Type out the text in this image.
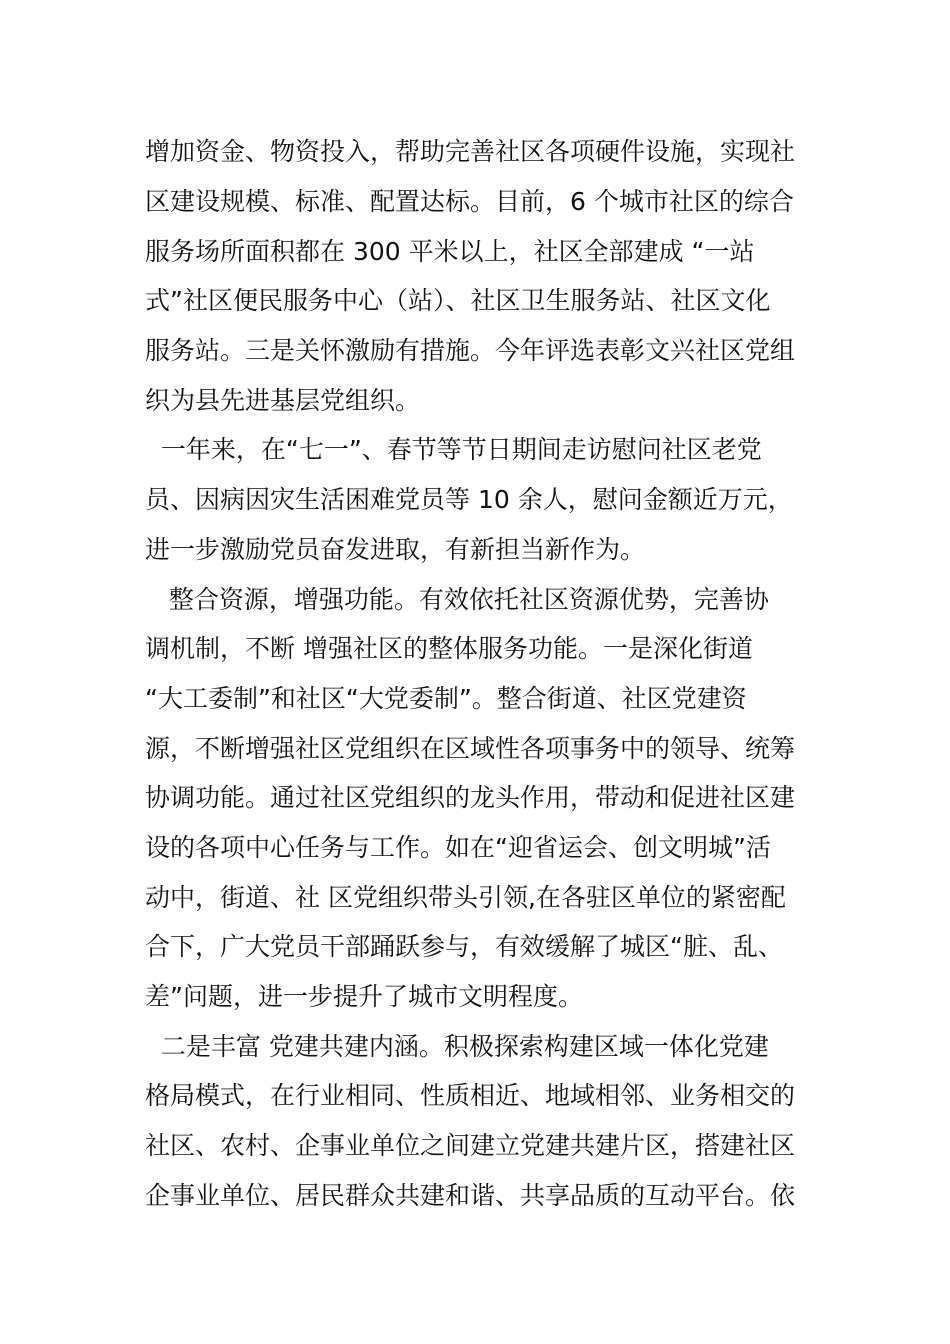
增加资金、物资投入，帮助完善社区各项硬件设施，实现社
区建设规模、标准、配置达标。目前，6 个城市社区的综合
服务场所面积都在 300 平米以上，社区全部建成 “一站
式”社区便民服务中心（站）、社区卫生服务站、社区文化
服务站。三是关怀激励有措施。今年评选表彰文兴社区党组
织为县先进基层党组织。
一年来，在“七一”、春节等节日期间走访慰问社区老党
员、因病因灾生活困难党员等 10 余人，慰问金额近万元，
进一步激励党员奋发进取，有新担当新作为。
整合资源，增强功能。有效依托社区资源优势，完善协
调机制，不断 增强社区的整体服务功能。一是深化街道
“大工委制”和社区“大党委制”。整合街道、社区党建资
源，不断增强社区党组织在区域性各项事务中的领导、统筹
协调功能。通过社区党组织的龙头作用，带动和促进社区建
设的各项中心任务与工作。如在“迎省运会、创文明城”活
动中，街道、社 区党组织带头引领,在各驻区单位的紧密配
合下，广大党员干部踊跃参与，有效缓解了城区“脏、乱、
差”问题，进一步提升了城市文明程度。
二是丰富 党建共建内涵。积极探索构建区域一体化党建
格局模式，在行业相同、性质相近、地域相邻、业务相交的
社区、农村、企事业单位之间建立党建共建片区，搭建社区
企事业单位、居民群众共建和谐、共享品质的互动平台。依
